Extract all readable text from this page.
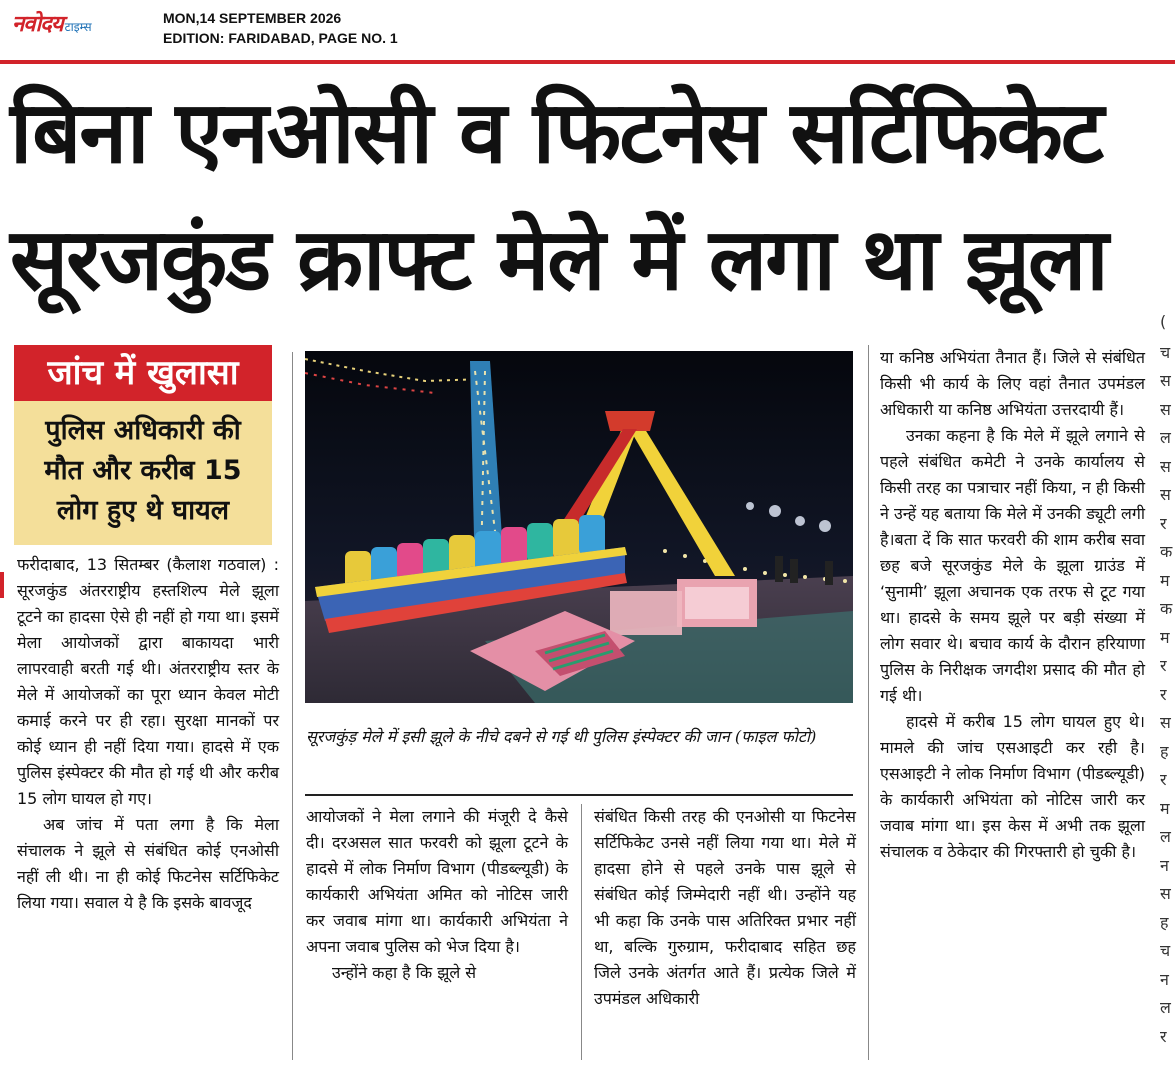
नवोदय टाइम्स
MON,14 SEPTEMBER 2026
EDITION: FARIDABAD, PAGE NO. 1
बिना एनओसी व फिटनेस सर्टिफिकेट
सूरजकुंड क्राफ्ट मेले में लगा था झूला
जांच में खुलासा
पुलिस अधिकारी की मौत और करीब 15 लोग हुए थे घायल
सूरजकुंड़ मेले में इसी झूले के नीचे दबने से गई थी पुलिस इंस्पेक्टर की जान (फाइल फोटो)

फरीदाबाद, 13 सितम्बर (कैलाश गठवाल) : सूरजकुंड अंतरराष्ट्रीय हस्तशिल्प मेले झूला टूटने का हादसा ऐसे ही नहीं हो गया था। इसमें मेला आयोजकों द्वारा बाकायदा भारी लापरवाही बरती गई थी। अंतरराष्ट्रीय स्तर के मेले में आयोजकों का पूरा ध्यान केवल मोटी कमाई करने पर ही रहा। सुरक्षा मानकों पर कोई ध्यान ही नहीं दिया गया। हादसे में एक पुलिस इंस्पेक्टर की मौत हो गई थी और करीब 15 लोग घायल हो गए।

अब जांच में पता लगा है कि मेला संचालक ने झूले से संबंधित कोई एनओसी नहीं ली थी। ना ही कोई फिटनेस सर्टिफिकेट लिया गया। सवाल ये है कि इसके बावजूद

आयोजकों ने मेला लगाने की मंजूरी दे कैसे दी। दरअसल सात फरवरी को झूला टूटने के हादसे में लोक निर्माण विभाग (पीडब्ल्यूडी) के कार्यकारी अभियंता अमित को नोटिस जारी कर जवाब मांगा था। कार्यकारी अभियंता ने अपना जवाब पुलिस को भेज दिया है।

उन्होंने कहा है कि झूले से

संबंधित किसी तरह की एनओसी या फिटनेस सर्टिफिकेट उनसे नहीं लिया गया था। मेले में हादसा होने से पहले उनके पास झूले से संबंधित कोई जिम्मेदारी नहीं थी। उन्होंने यह भी कहा कि उनके पास अतिरिक्त प्रभार नहीं था, बल्कि गुरुग्राम, फरीदाबाद सहित छह जिले उनके अंतर्गत आते हैं। प्रत्येक जिले में उपमंडल अधिकारी

या कनिष्ठ अभियंता तैनात हैं। जिले से संबंधित किसी भी कार्य के लिए वहां तैनात उपमंडल अधिकारी या कनिष्ठ अभियंता उत्तरदायी हैं।

उनका कहना है कि मेले में झूले लगाने से पहले संबंधित कमेटी ने उनके कार्यालय से किसी तरह का पत्राचार नहीं किया, न ही किसी ने उन्हें यह बताया कि मेले में उनकी ड्यूटी लगी है।बता दें कि सात फरवरी की शाम करीब सवा छह बजे सूरजकुंड मेले के झूला ग्राउंड में ‘सुनामी’ झूला अचानक एक तरफ से टूट गया था। हादसे के समय झूले पर बड़ी संख्या में लोग सवार थे। बचाव कार्य के दौरान हरियाणा पुलिस के निरीक्षक जगदीश प्रसाद की मौत हो गई थी।

हादसे में करीब 15 लोग घायल हुए थे। मामले की जांच एसआइटी कर रही है। एसआइटी ने लोक निर्माण विभाग (पीडब्ल्यूडी) के कार्यकारी अभियंता को नोटिस जारी कर जवाब मांगा था। इस केस में अभी तक झूला संचालक व ठेकेदार की गिरफ्तारी हो चुकी है।

(
च
स
स
ल
स
स
र
क
म
क
म
र
र
स
ह
र
म
ल
न
स
ह
च
न
ल
र
